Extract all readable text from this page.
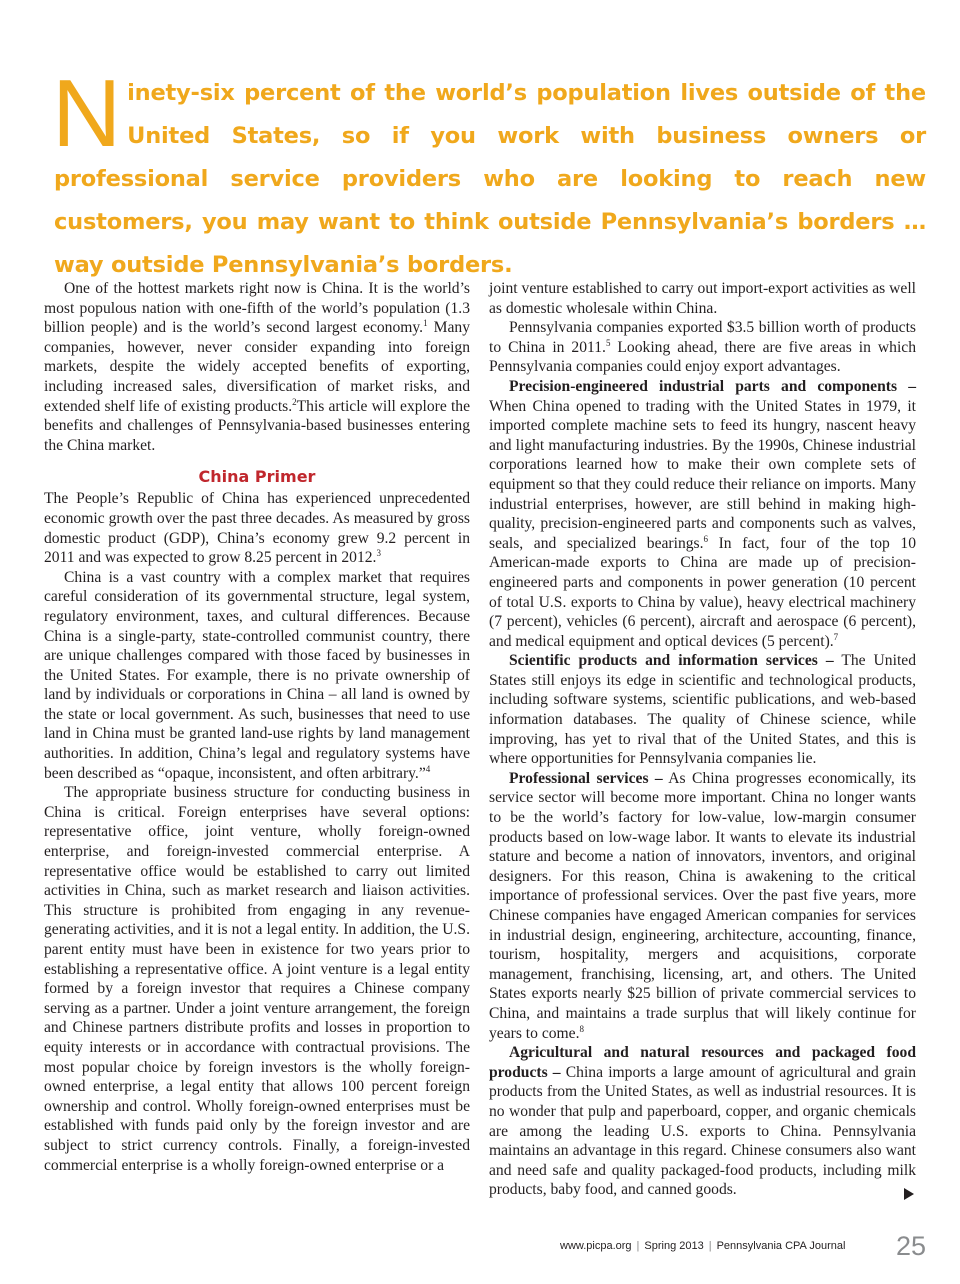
Ninety-six percent of the world’s population lives outside of the United States, so if you work with business owners or professional service providers who are looking to reach new customers, you may want to think outside Pennsylvania’s borders … way outside Pennsylvania’s borders.

One of the hottest markets right now is China. It is the world’s most populous nation with one-fifth of the world’s population (1.3 billion people) and is the world’s second largest economy.$^1$ Many companies, however, never consider expanding into foreign markets, despite the widely accepted benefits of exporting, including increased sales, diversification of market risks, and extended shelf life of existing products.$^2$This article will explore the benefits and challenges of Pennsylvania-based businesses entering the China market.

China Primer

The People’s Republic of China has experienced unprecedented economic growth over the past three decades. As measured by gross domestic product (GDP), China’s economy grew 9.2 percent in 2011 and was expected to grow 8.25 percent in 2012.$^3$

China is a vast country with a complex market that requires careful consideration of its governmental structure, legal system, regulatory environment, taxes, and cultural differences. Because China is a single-party, state-controlled communist country, there are unique challenges compared with those faced by businesses in the United States. For example, there is no private ownership of land by individuals or corporations in China – all land is owned by the state or local government. As such, businesses that need to use land in China must be granted land-use rights by land management authorities. In addition, China’s legal and regulatory systems have been described as “opaque, inconsistent, and often arbitrary.”$^4$

The appropriate business structure for conducting business in China is critical. Foreign enterprises have several options: representative office, joint venture, wholly foreign-owned enterprise, and foreign-invested commercial enterprise. A representative office would be established to carry out limited activities in China, such as market research and liaison activities. This structure is prohibited from engaging in any revenue-generating activities, and it is not a legal entity. In addition, the U.S. parent entity must have been in existence for two years prior to establishing a representative office. A joint venture is a legal entity formed by a foreign investor that requires a Chinese company serving as a partner. Under a joint venture arrangement, the foreign and Chinese partners distribute profits and losses in proportion to equity interests or in accordance with contractual provisions. The most popular choice by foreign investors is the wholly foreign-owned enterprise, a legal entity that allows 100 percent foreign ownership and control. Wholly foreign-owned enterprises must be established with funds paid only by the foreign investor and are subject to strict currency controls. Finally, a foreign-invested commercial enterprise is a wholly foreign-owned enterprise or a

joint venture established to carry out import-export activities as well as domestic wholesale within China.

Pennsylvania companies exported $3.5 billion worth of products to China in 2011.$^5$ Looking ahead, there are five areas in which Pennsylvania companies could enjoy export advantages.

Precision-engineered industrial parts and components – When China opened to trading with the United States in 1979, it imported complete machine sets to feed its hungry, nascent heavy and light manufacturing industries. By the 1990s, Chinese industrial corporations learned how to make their own complete sets of equipment so that they could reduce their reliance on imports. Many industrial enterprises, however, are still behind in making high-quality, precision-engineered parts and components such as valves, seals, and specialized bearings.$^6$ In fact, four of the top 10 American-made exports to China are made up of precision-engineered parts and components in power generation (10 percent of total U.S. exports to China by value), heavy electrical machinery (7 percent), vehicles (6 percent), aircraft and aerospace (6 percent), and medical equipment and optical devices (5 percent).$^7$

Scientific products and information services – The United States still enjoys its edge in scientific and technological products, including software systems, scientific publications, and web-based information databases. The quality of Chinese science, while improving, has yet to rival that of the United States, and this is where opportunities for Pennsylvania companies lie.

Professional services – As China progresses economically, its service sector will become more important. China no longer wants to be the world’s factory for low-value, low-margin consumer products based on low-wage labor. It wants to elevate its industrial stature and become a nation of innovators, inventors, and original designers. For this reason, China is awakening to the critical importance of professional services. Over the past five years, more Chinese companies have engaged American companies for services in industrial design, engineering, architecture, accounting, finance, tourism, hospitality, mergers and acquisitions, corporate management, franchising, licensing, art, and others. The United States exports nearly $25 billion of private commercial services to China, and maintains a trade surplus that will likely continue for years to come.$^8$

Agricultural and natural resources and packaged food products – China imports a large amount of agricultural and grain products from the United States, as well as industrial resources. It is no wonder that pulp and paperboard, copper, and organic chemicals are among the leading U.S. exports to China. Pennsylvania maintains an advantage in this regard. Chinese consumers also want and need safe and quality packaged-food products, including milk products, baby food, and canned goods.

www.picpa.org | Spring 2013 | Pennsylvania CPA Journal 25
